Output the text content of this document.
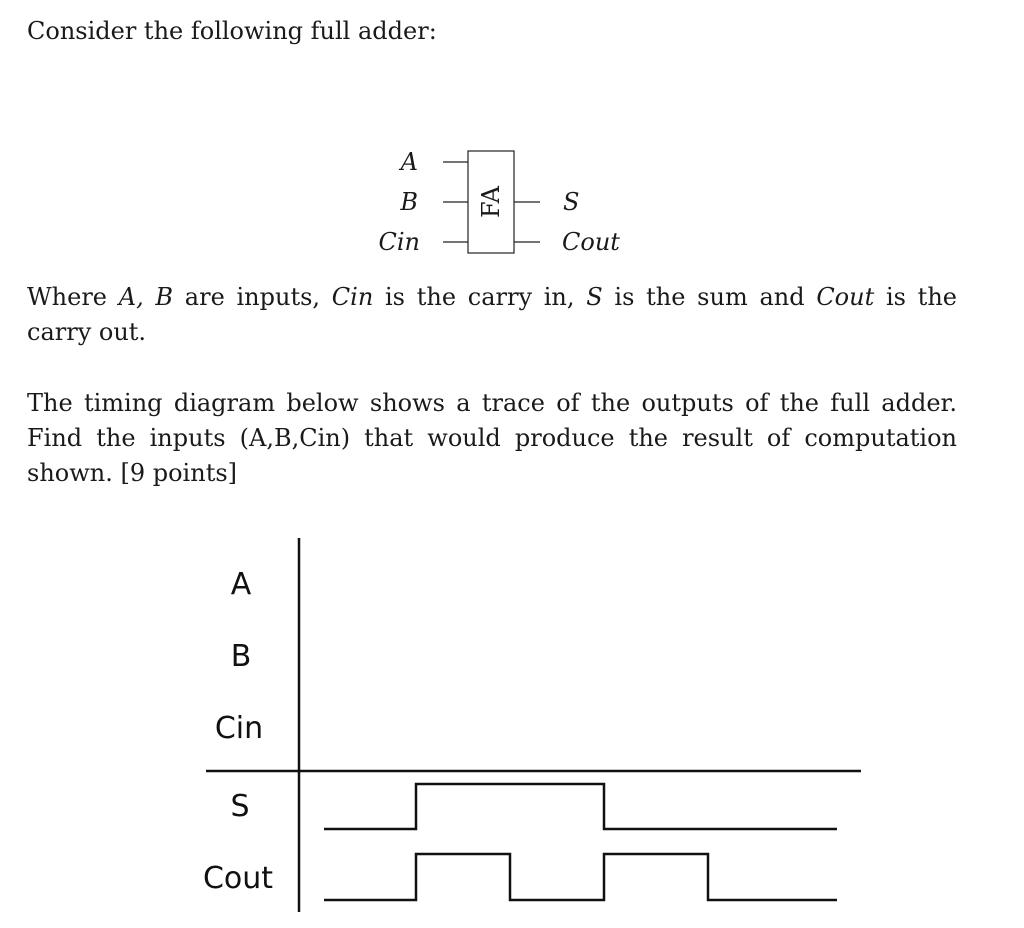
Consider the following full adder:

FA
A
B
Cin
S
Cout

Where A, B are inputs, Cin is the carry in, S is the sum and Cout is the carry out.

The timing diagram below shows a trace of the outputs of the full adder. Find the inputs (A,B,Cin) that would produce the result of computation shown. [9 points]

A
B
Cin
S
Cout
